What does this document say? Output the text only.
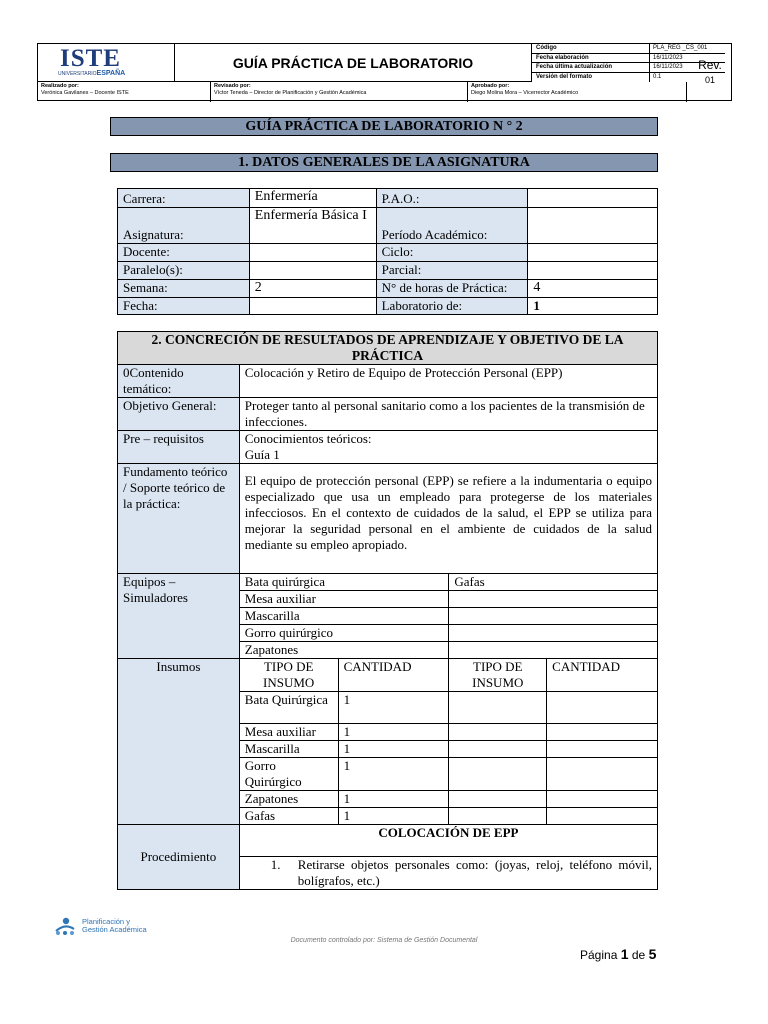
ISTE
UNIVERSITARIOESPAÑA
GUÍA PRÁCTICA DE LABORATORIO
Código	PLA_REG _CS_001
Fecha elaboración	16/11/2023
Fecha última actualización	16/11/2023
Versión del formato	0.1
Rev.
01
Realizado por:
Verónica Gavilanes – Docente ISTE
Revisado por:
Víctor Teneda – Director de Planificación y Gestión Académica
Aprobado por:
Diego Molina Mora – Vicerrector Académico
GUÍA PRÁCTICA DE LABORATORIO N ° 2
1. DATOS GENERALES DE LA ASIGNATURA
Carrera:	Enfermería	P.A.O.:	
Asignatura:	Enfermería Básica I	Período Académico:	
Docente:		Ciclo:	
Paralelo(s):		Parcial:	
Semana:	2	N° de horas de Práctica:	4
Fecha:		Laboratorio de:	1
2. CONCRECIÓN DE RESULTADOS DE APRENDIZAJE Y OBJETIVO DE LA PRÁCTICA				
0Contenido temático:	Colocación y Retiro de Equipo de Protección Personal (EPP)			
Objetivo General:	Proteger tanto al personal sanitario como a los pacientes de la transmisión de infecciones.			
Pre – requisitos	Conocimientos teóricos:
Guía 1			

Fundamento teórico / Soporte teórico de la práctica:	El equipo de protección personal (EPP) se refiere a la indumentaria o equipo especializado que usa un empleado para protegerse de los materiales infecciosos. En el contexto de cuidados de la salud, el EPP se utiliza para mejorar la seguridad personal en el ambiente de cuidados de la salud mediante su empleo apropiado.			
Equipos – Simuladores	Bata quirúrgica		Gafas	
	Mesa auxiliar			
	Mascarilla			
	Gorro quirúrgico			
	Zapatones			
Insumos	TIPO DE INSUMO	CANTIDAD	TIPO DE INSUMO	CANTIDAD
	Bata Quirúrgica	1		
	Mesa auxiliar	1		
	Mascarilla	1		
	Gorro Quirúrgico	1		
	Zapatones	1		
	Gafas	1		
Procedimiento	COLOCACIÓN DE EPP			

	1. Retirarse objetos personales como: (joyas, reloj, teléfono móvil, bolígrafos, etc.)			
Planificación y
Gestión Académica
Documento controlado por: Sistema de Gestión Documental
Página 1 de 5
